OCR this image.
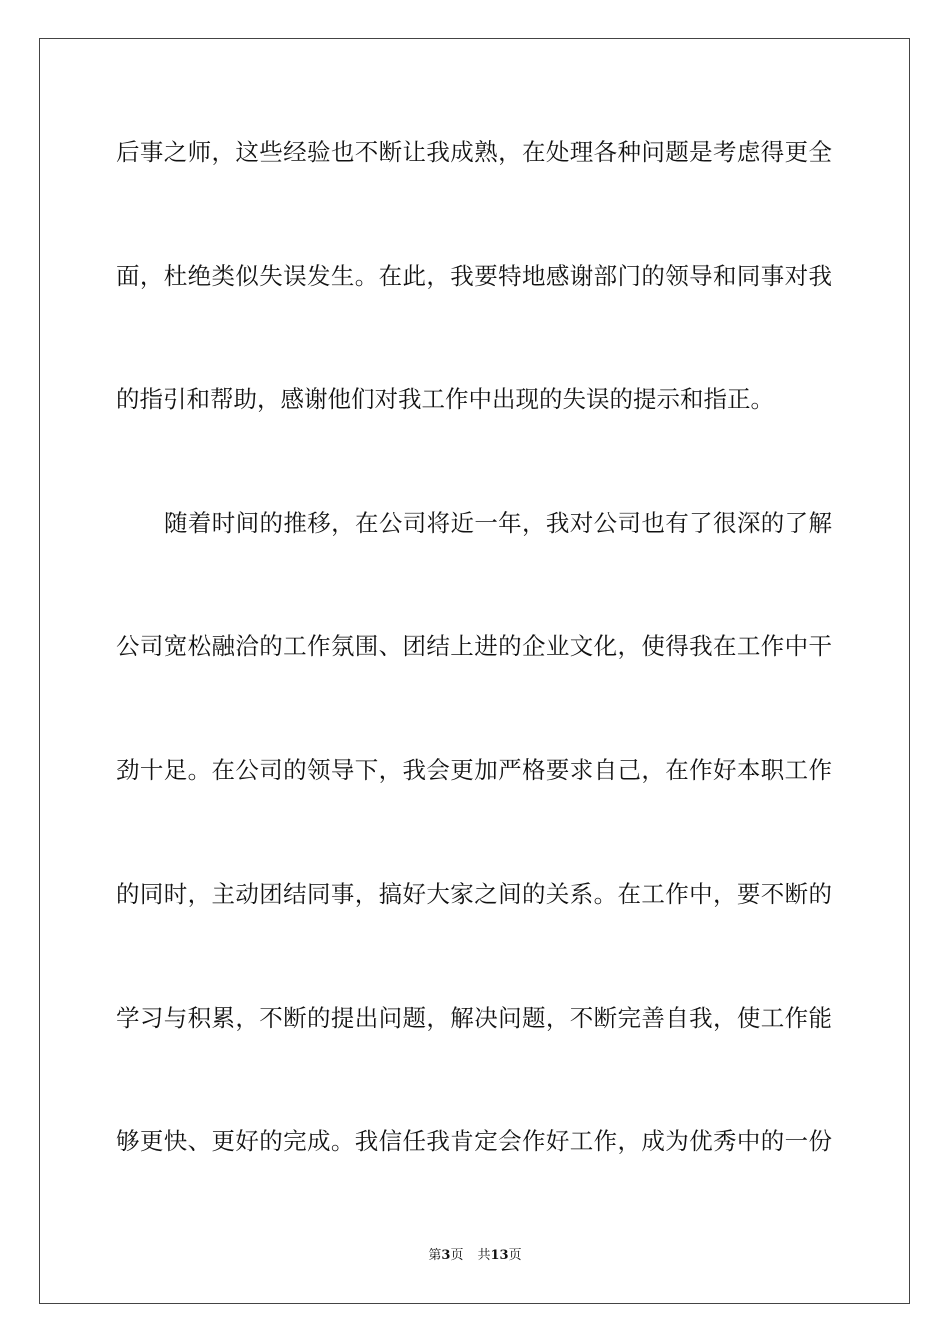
后事之师，这些经验也不断让我成熟，在处理各种问题是考虑得更全
面，杜绝类似失误发生。在此，我要特地感谢部门的领导和同事对我
的指引和帮助，感谢他们对我工作中出现的失误的提示和指正。
随着时间的推移，在公司将近一年，我对公司也有了很深的了解
公司宽松融洽的工作氛围、团结上进的企业文化，使得我在工作中干
劲十足。在公司的领导下，我会更加严格要求自己，在作好本职工作
的同时，主动团结同事，搞好大家之间的关系。在工作中，要不断的
学习与积累，不断的提出问题，解决问题，不断完善自我，使工作能
够更快、更好的完成。我信任我肯定会作好工作，成为优秀中的一份
第3页 共13页
